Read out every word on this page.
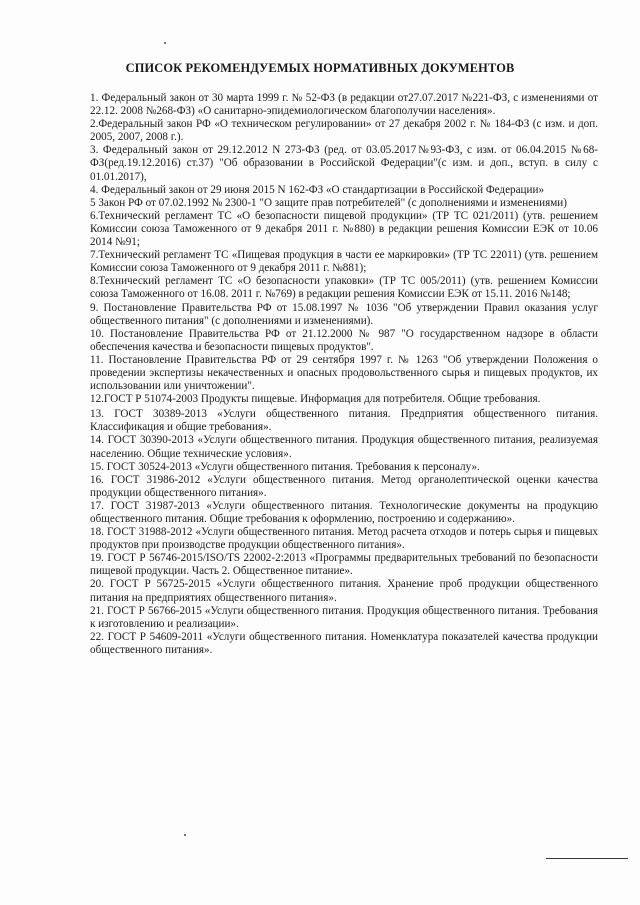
СПИСОК РЕКОМЕНДУЕМЫХ НОРМАТИВНЫХ ДОКУМЕНТОВ

1. Федеральный закон от 30 марта 1999 г. № 52-ФЗ (в редакции от27.07.2017 №221-ФЗ, с изменениями от 22.12. 2008 №268-ФЗ) «О санитарно-эпидемиологическом благополучии населения».

2.Федеральный закон РФ «О техническом регулировании» от 27 декабря 2002 г. № 184-ФЗ (с изм. и доп. 2005, 2007, 2008 г.).

3. Федеральный закон от 29.12.2012 N 273-ФЗ (ред. от 03.05.2017№93-ФЗ, с изм. от 06.04.2015 №68-ФЗ(ред.19.12.2016) ст.37) "Об образовании в Российской Федерации"(с изм. и доп., вступ. в силу с 01.01.2017),

4. Федеральный закон от 29 июня 2015 N 162-ФЗ «О стандартизации в Российской Федерации»

5 Закон РФ от 07.02.1992 № 2300-1 "О защите прав потребителей" (с дополнениями и изменениями)

6.Технический регламент ТС «О безопасности пищевой продукции» (ТР ТС 021/2011) (утв. решением Комиссии союза Таможенного от 9 декабря 2011 г. №880) в редакции решения Комиссии ЕЭК от 10.06 2014 №91;

7.Технический регламент ТС «Пищевая продукция в части ее маркировки» (ТР ТС 22011) (утв. решением Комиссии союза Таможенного от 9 декабря 2011 г. №881);

8.Технический регламент ТС «О безопасности упаковки» (ТР ТС 005/2011) (утв. решением Комиссии союза Таможенного от 16.08. 2011 г. №769) в редакции решения Комиссии ЕЭК от 15.11. 2016 №148;

9. Постановление Правительства РФ от 15.08.1997 № 1036 "Об утверждении Правил оказания услуг общественного питания" (с дополнениями и изменениями).

10. Постановление Правительства РФ от 21.12.2000 № 987 "О государственном надзоре в области обеспечения качества и безопасности пищевых продуктов".

11. Постановление Правительства РФ от 29 сентября 1997 г. № 1263 "Об утверждении Положения о проведении экспертизы некачественных и опасных продовольственного сырья и пищевых продуктов, их использовании или уничтожении".

12.ГОСТ Р 51074-2003 Продукты пищевые. Информация для потребителя. Общие требования.

13. ГОСТ 30389-2013 «Услуги общественного питания. Предприятия общественного питания. Классификация и общие требования».

14. ГОСТ 30390-2013 «Услуги общественного питания. Продукция общественного питания, реализуемая населению. Общие технические условия».

15. ГОСТ 30524-2013 «Услуги общественного питания. Требования к персоналу».

16. ГОСТ 31986-2012 «Услуги общественного питания. Метод органолептической оценки качества продукции общественного питания».

17. ГОСТ 31987-2013 «Услуги общественного питания. Технологические документы на продукцию общественного питания. Общие требования к оформлению, построению и содержанию».

18. ГОСТ 31988-2012 «Услуги общественного питания. Метод расчета отходов и потерь сырья и пищевых продуктов при производстве продукции общественного питания».

19. ГОСТ Р 56746-2015/ISO/TS 22002-2:2013 «Программы предварительных требований по безопасности пищевой продукции. Часть 2. Общественное питание».

20. ГОСТ Р 56725-2015 «Услуги общественного питания. Хранение проб продукции общественного питания на предприятиях общественного питания».

21. ГОСТ Р 56766-2015 «Услуги общественного питания. Продукция общественного питания. Требования к изготовлению и реализации».

22. ГОСТ Р 54609-2011 «Услуги общественного питания. Номенклатура показателей качества продукции общественного питания».
